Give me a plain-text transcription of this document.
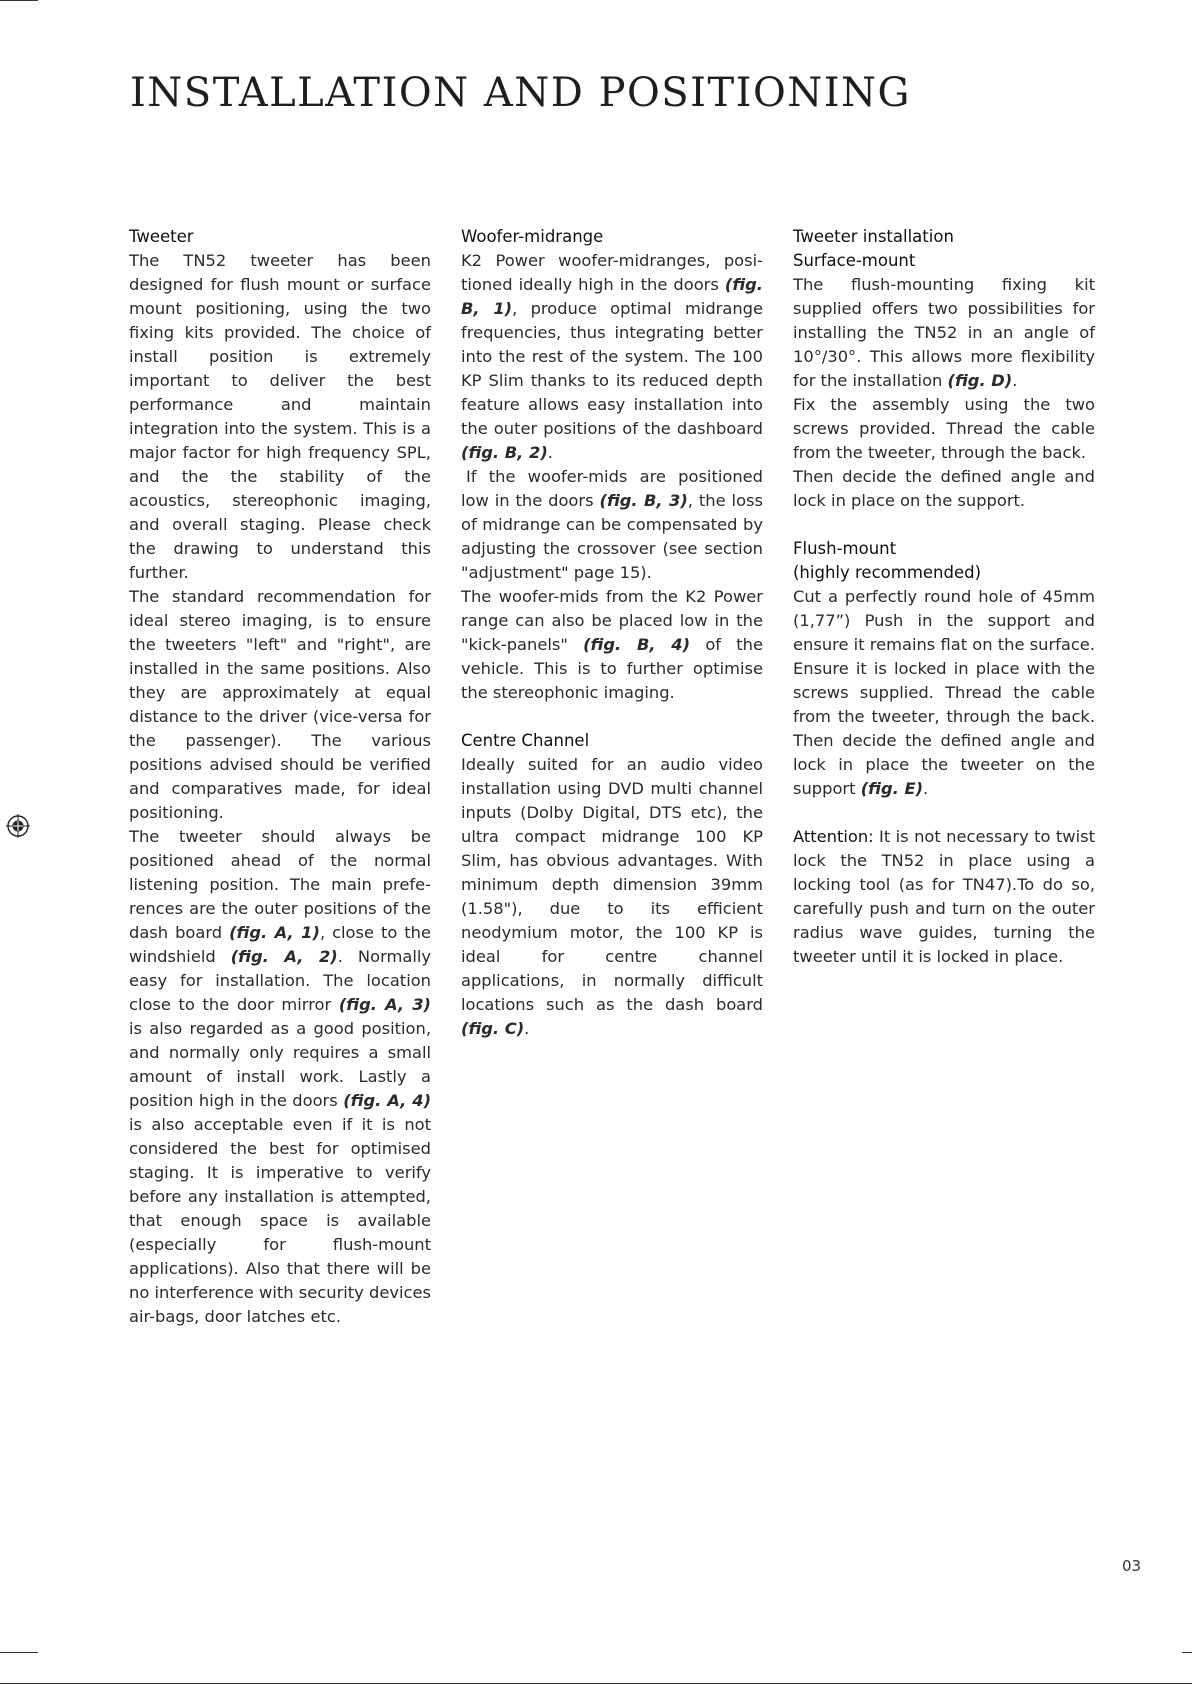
INSTALLATION AND POSITIONING
Tweeter

The TN52 tweeter has been designed for flush mount or surface mount positioning, using the two fixing kits provided. The choice of install position is extremely important to deliver the best performance and maintain integration into the system. This is a major factor for high frequency SPL, and the the stability of the acoustics, stereophonic imaging, and overall staging. Please check the drawing to understand this further.

The standard recommendation for ideal stereo imaging, is to ensure the tweeters "left" and "right", are installed in the same positions. Also they are approximately at equal distance to the driver (vice-versa for the passenger). The various positions advised should be verified and comparatives made, for ideal positioning.

The tweeter should always be positioned ahead of the normal listening position. The main prefe-rences are the outer positions of the dash board (fig. A, 1), close to the windshield (fig. A, 2). Normally easy for installation. The location close to the door mirror (fig. A, 3) is also regarded as a good position, and normally only requires a small amount of install work. Lastly a position high in the doors (fig. A, 4) is also acceptable even if it is not considered the best for optimised staging. It is imperative to verify before any installation is attempted, that enough space is available (especially for flush-mount applications). Also that there will be no interference with security devices air-bags, door latches etc.

Woofer-midrange

K2 Power woofer-midranges, posi-tioned ideally high in the doors (fig. B, 1), produce optimal midrange frequencies, thus integrating better into the rest of the system. The 100 KP Slim thanks to its reduced depth feature allows easy installation into the outer positions of the dashboard (fig. B, 2).

If the woofer-mids are positioned low in the doors (fig. B, 3), the loss of midrange can be compensated by adjusting the crossover (see section "adjustment" page 15).

The woofer-mids from the K2 Power range can also be placed low in the "kick-panels" (fig. B, 4) of the vehicle. This is to further optimise the stereophonic imaging.

Centre Channel

Ideally suited for an audio video installation using DVD multi channel inputs (Dolby Digital, DTS etc), the ultra compact midrange 100 KP Slim, has obvious advantages. With minimum depth dimension 39mm (1.58"), due to its efficient neodymium motor, the 100 KP is ideal for centre channel applications, in normally difficult locations such as the dash board (fig. C).

Tweeter installation
Surface-mount

The flush-mounting fixing kit supplied offers two possibilities for installing the TN52 in an angle of 10°/30°. This allows more flexibility for the installation (fig. D).

Fix the assembly using the two screws provided. Thread the cable from the tweeter, through the back.

Then decide the defined angle and lock in place on the support.

Flush-mount
(highly recommended)

Cut a perfectly round hole of 45mm (1,77”) Push in the support and ensure it remains flat on the surface. Ensure it is locked in place with the screws supplied. Thread the cable from the tweeter, through the back. Then decide the defined angle and lock in place the tweeter on the support (fig. E).

Attention: It is not necessary to twist lock the TN52 in place using a locking tool (as for TN47).To do so, carefully push and turn on the outer radius wave guides, turning the tweeter until it is locked in place.

03
